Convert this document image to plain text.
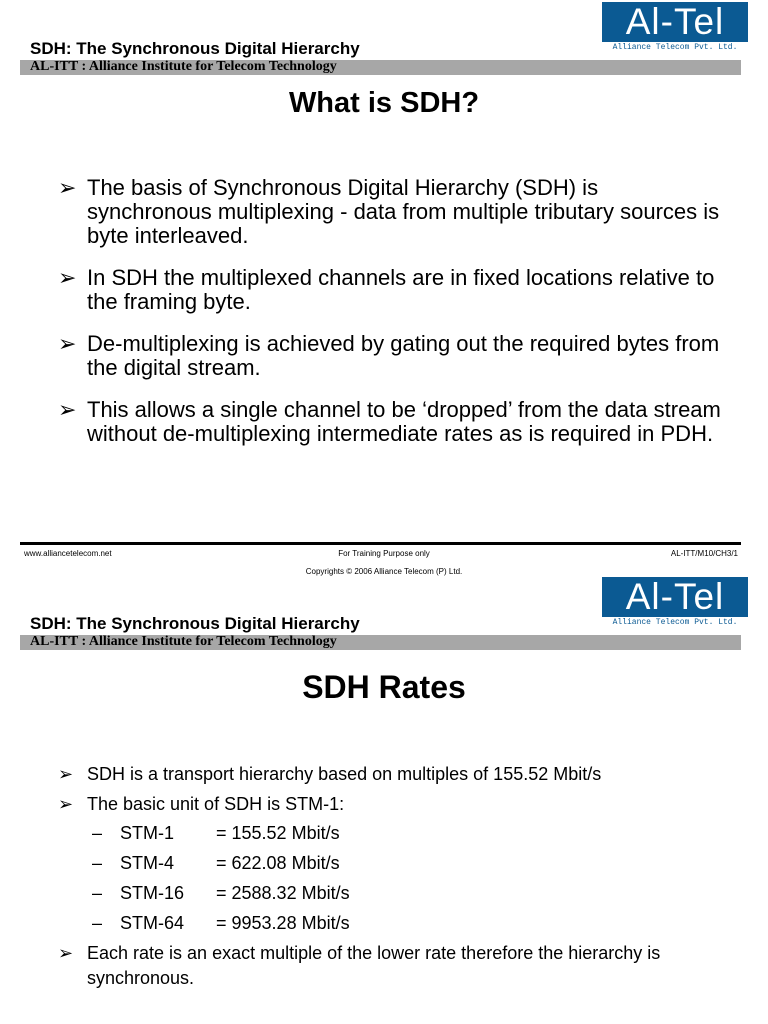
SDH: The Synchronous Digital Hierarchy
AL-ITT : Alliance Institute for Telecom Technology
Al-Tel
Alliance Telecom Pvt. Ltd.
What is SDH?
➢ The basis of Synchronous Digital Hierarchy (SDH) is synchronous multiplexing - data from multiple tributary sources is byte interleaved.
➢ In SDH the multiplexed channels are in fixed locations relative to the framing byte.
➢ De-multiplexing is achieved by gating out the required bytes from the digital stream.
➢ This allows a single channel to be ‘dropped’ from the data stream without de-multiplexing intermediate rates as is required in PDH.
www.alliancetelecom.net	For Training Purpose only	AL-ITT/M10/CH3/1
Copyrights © 2006 Alliance Telecom (P) Ltd.
SDH: The Synchronous Digital Hierarchy
AL-ITT : Alliance Institute for Telecom Technology
Al-Tel
Alliance Telecom Pvt. Ltd.
SDH Rates
➢ SDH is a transport hierarchy based on multiples of 155.52 Mbit/s
➢ The basic unit of SDH is STM-1:
– STM-1 = 155.52 Mbit/s
– STM-4 = 622.08 Mbit/s
– STM-16 = 2588.32 Mbit/s
– STM-64 = 9953.28 Mbit/s
➢ Each rate is an exact multiple of the lower rate therefore the hierarchy is synchronous.
